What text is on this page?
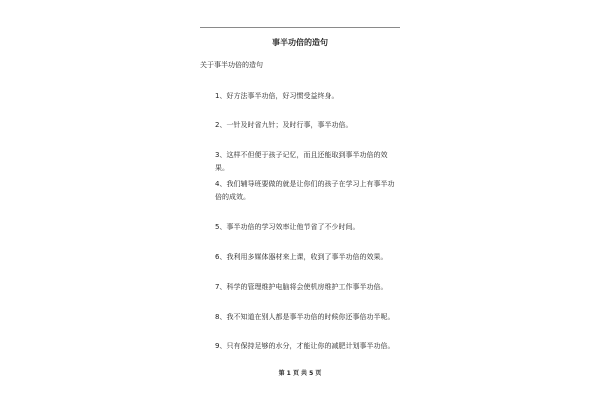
事半功倍的造句
关于事半功倍的造句
1、好方法事半功倍，好习惯受益终身。
2、一针及时省九针；及时行事，事半功倍。
3、这样不但便于孩子记忆，而且还能取到事半功倍的效果。
4、我们辅导班要做的就是让你们的孩子在学习上有事半功倍的成效。
5、事半功倍的学习效率让他节省了不少时间。
6、我利用多媒体器材来上课，收到了事半功倍的效果。
7、科学的管理维护电脑将会使机房维护工作事半功倍。
8、我不知道在别人都是事半功倍的时候你还事倍功半呢。
9、只有保持足够的水分，才能让你的减肥计划事半功倍。
第 1 页 共 5 页
